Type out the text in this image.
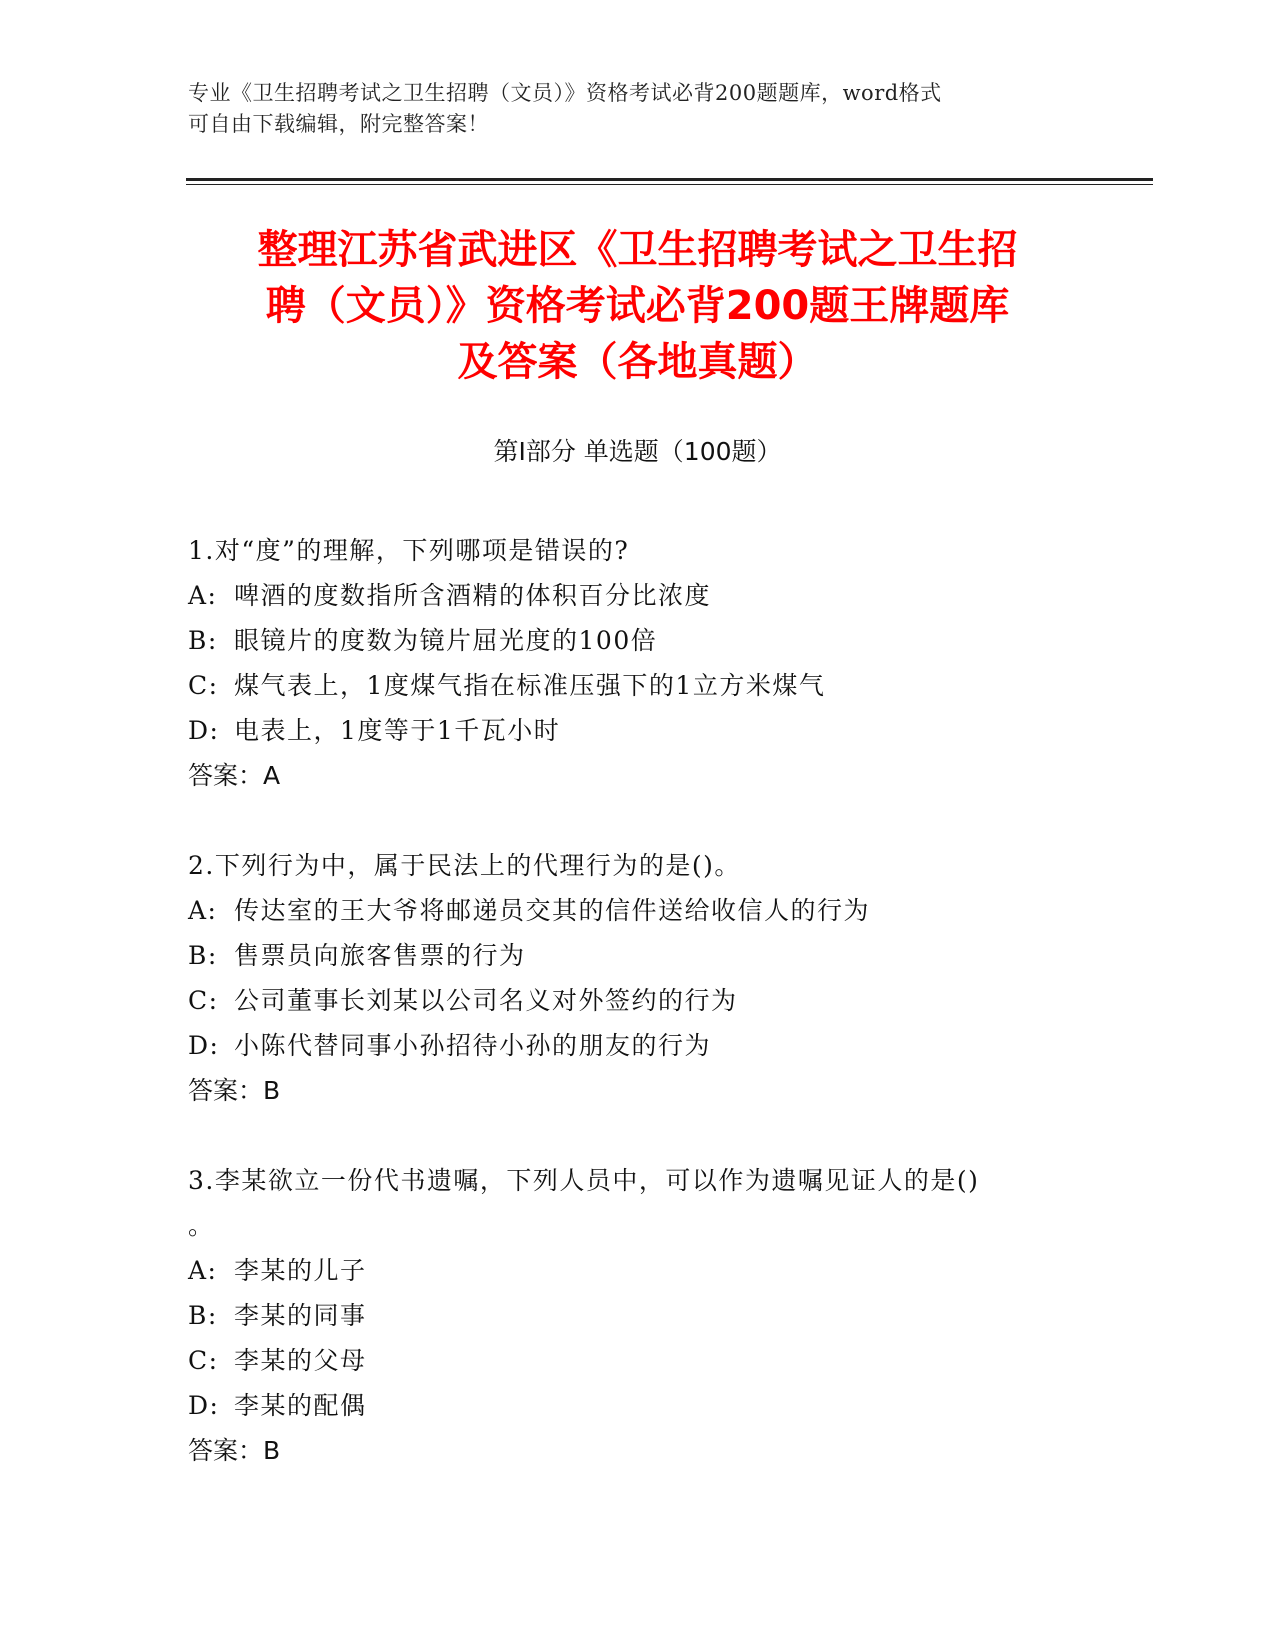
专业《卫生招聘考试之卫生招聘（文员）》资格考试必背200题题库，word格式
可自由下载编辑，附完整答案！
整理江苏省武进区《卫生招聘考试之卫生招
聘（文员）》资格考试必背200题王牌题库
及答案（各地真题）
第I部分 单选题（100题）
1.对“度”的理解，下列哪项是错误的?
A: 啤酒的度数指所含酒精的体积百分比浓度
B: 眼镜片的度数为镜片屈光度的100倍
C: 煤气表上，1度煤气指在标准压强下的1立方米煤气
D: 电表上，1度等于1千瓦小时
答案：A
2.下列行为中，属于民法上的代理行为的是()。
A: 传达室的王大爷将邮递员交其的信件送给收信人的行为
B: 售票员向旅客售票的行为
C: 公司董事长刘某以公司名义对外签约的行为
D: 小陈代替同事小孙招待小孙的朋友的行为
答案：B
3.李某欲立一份代书遗嘱，下列人员中，可以作为遗嘱见证人的是()
。
A: 李某的儿子
B: 李某的同事
C: 李某的父母
D: 李某的配偶
答案：B
